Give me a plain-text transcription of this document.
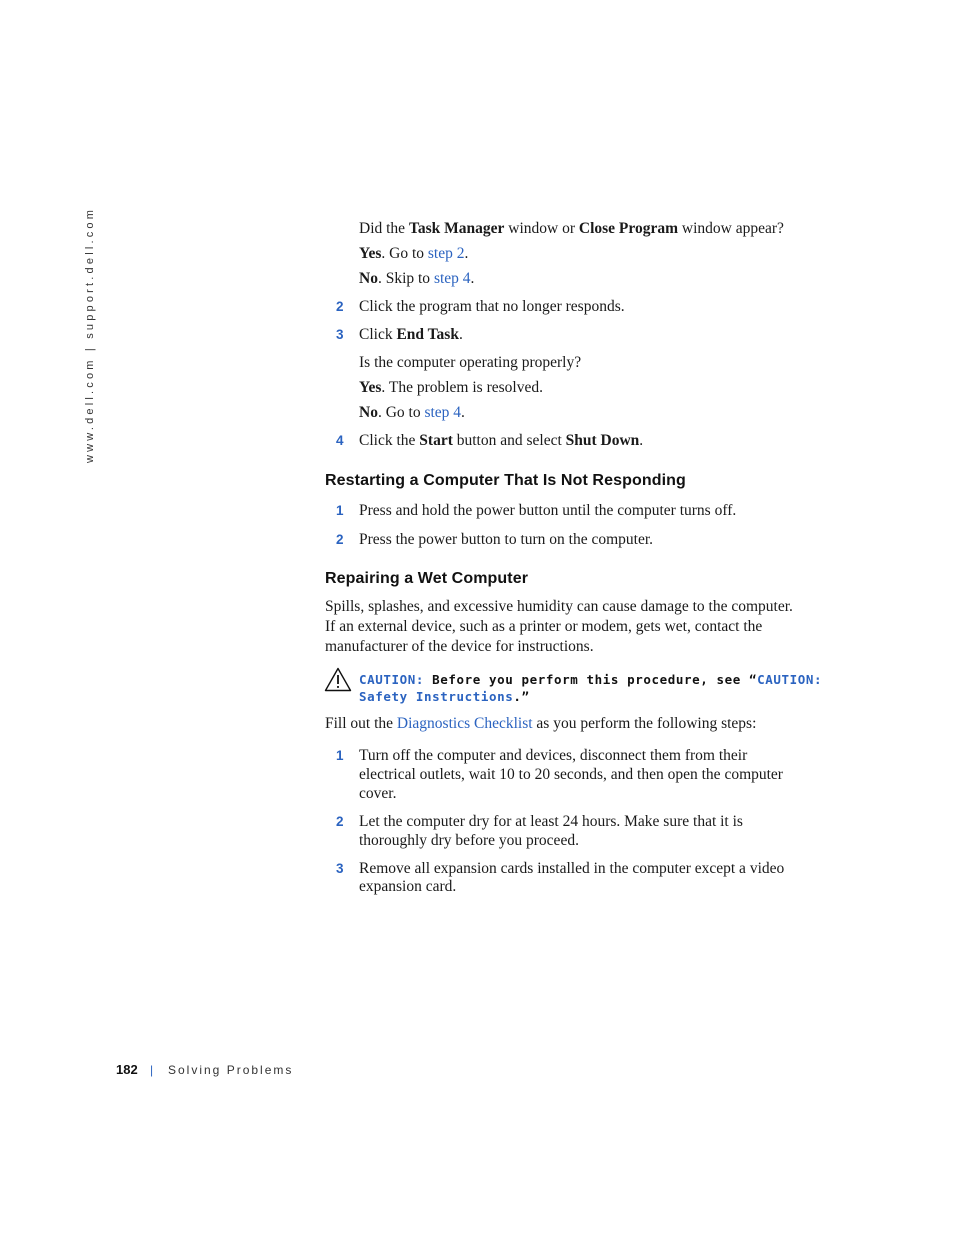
www.dell.com | support.dell.com	Did the Task Manager window or Close Program window appear?
Yes. Go to step 2.
No. Skip to step 4.
2 Click the program that no longer responds.
3 Click End Task.
Is the computer operating properly?
Yes. The problem is resolved.
No. Go to step 4.
4 Click the Start button and select Shut Down.
Restarting a Computer That Is Not Responding
1 Press and hold the power button until the computer turns off.
2 Press the power button to turn on the computer.
Repairing a Wet Computer
Spills, splashes, and excessive humidity can cause damage to the computer.
If an external device, such as a printer or modem, gets wet, contact the
manufacturer of the device for instructions.
CAUTION: Before you perform this procedure, see “CAUTION:
Safety Instructions.”
Fill out the Diagnostics Checklist as you perform the following steps:
1 Turn off the computer and devices, disconnect them from their
electrical outlets, wait 10 to 20 seconds, and then open the computer
cover.
2 Let the computer dry for at least 24 hours. Make sure that it is
thoroughly dry before you proceed.
3 Remove all expansion cards installed in the computer except a video
expansion card.
182 | Solving Problems
